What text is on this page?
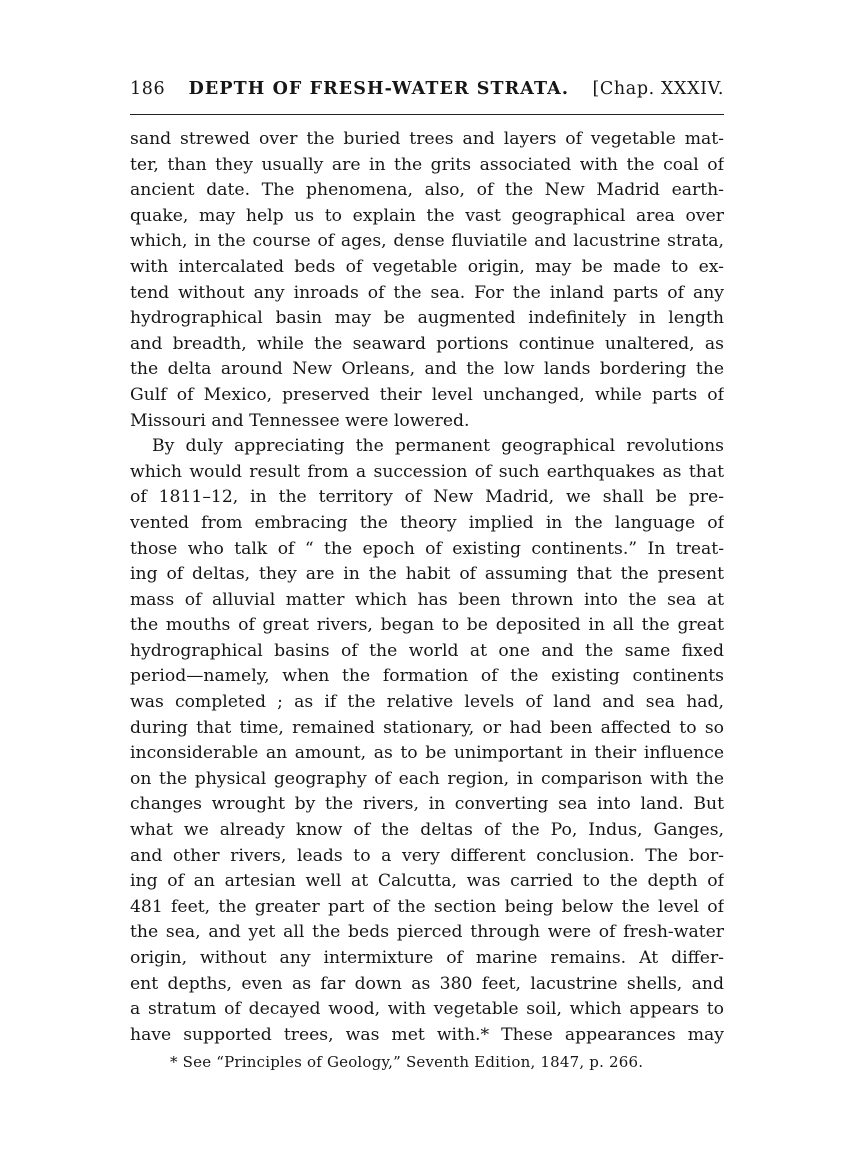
186 DEPTH OF FRESH-WATER STRATA. [Chap. XXXIV.
sand strewed over the buried trees and layers of vegetable mat-
ter, than they usually are in the grits associated with the coal of
ancient date. The phenomena, also, of the New Madrid earth-
quake, may help us to explain the vast geographical area over
which, in the course of ages, dense fluviatile and lacustrine strata,
with intercalated beds of vegetable origin, may be made to ex-
tend without any inroads of the sea. For the inland parts of any
hydrographical basin may be augmented indefinitely in length
and breadth, while the seaward portions continue unaltered, as
the delta around New Orleans, and the low lands bordering the
Gulf of Mexico, preserved their level unchanged, while parts of
Missouri and Tennessee were lowered.
By duly appreciating the permanent geographical revolutions
which would result from a succession of such earthquakes as that
of 1811–12, in the territory of New Madrid, we shall be pre-
vented from embracing the theory implied in the language of
those who talk of “ the epoch of existing continents.” In treat-
ing of deltas, they are in the habit of assuming that the present
mass of alluvial matter which has been thrown into the sea at
the mouths of great rivers, began to be deposited in all the great
hydrographical basins of the world at one and the same fixed
period—namely, when the formation of the existing continents
was completed ; as if the relative levels of land and sea had,
during that time, remained stationary, or had been affected to so
inconsiderable an amount, as to be unimportant in their influence
on the physical geography of each region, in comparison with the
changes wrought by the rivers, in converting sea into land. But
what we already know of the deltas of the Po, Indus, Ganges,
and other rivers, leads to a very different conclusion. The bor-
ing of an artesian well at Calcutta, was carried to the depth of
481 feet, the greater part of the section being below the level of
the sea, and yet all the beds pierced through were of fresh-water
origin, without any intermixture of marine remains. At differ-
ent depths, even as far down as 380 feet, lacustrine shells, and
a stratum of decayed wood, with vegetable soil, which appears to
have supported trees, was met with.* These appearances may
* See “Principles of Geology,” Seventh Edition, 1847, p. 266.
